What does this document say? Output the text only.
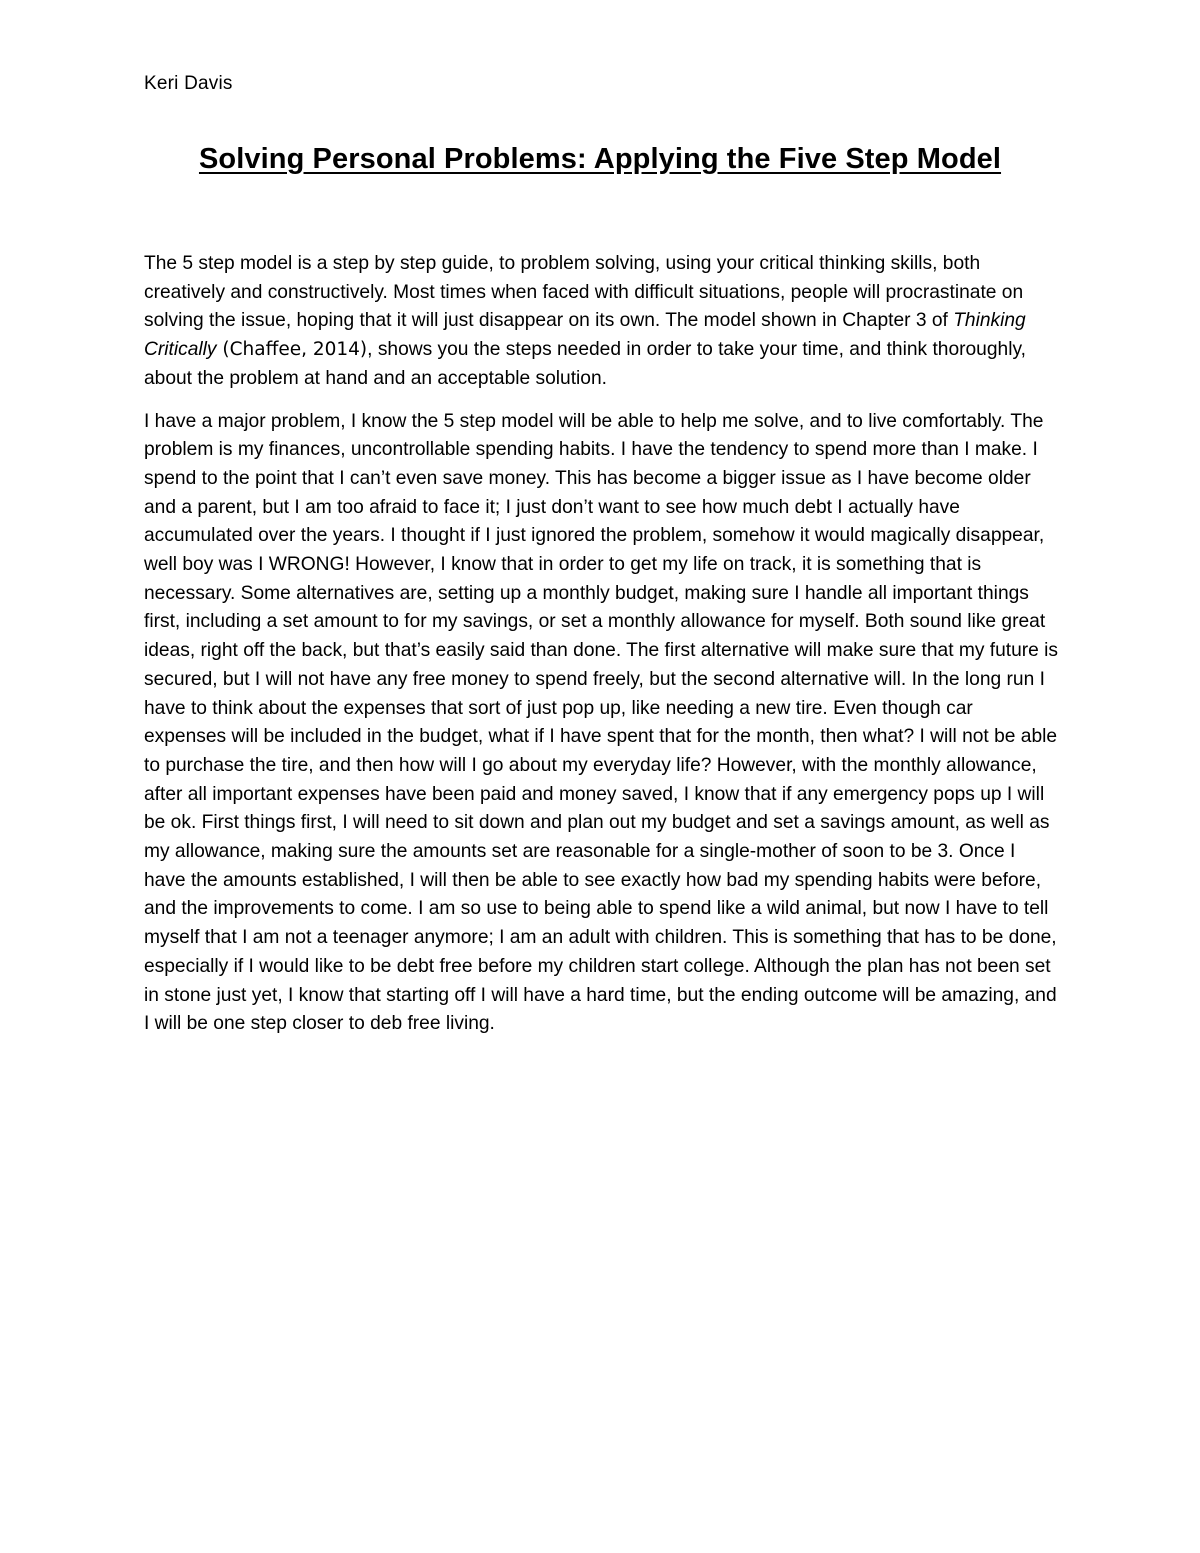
Keri Davis

Solving Personal Problems: Applying the Five Step Model

The 5 step model is a step by step guide, to problem solving, using your critical thinking skills, both creatively and constructively. Most times when faced with difficult situations, people will procrastinate on solving the issue, hoping that it will just disappear on its own. The model shown in Chapter 3 of Thinking Critically (Chaffee, 2014), shows you the steps needed in order to take your time, and think thoroughly, about the problem at hand and an acceptable solution.

I have a major problem, I know the 5 step model will be able to help me solve, and to live comfortably. The problem is my finances, uncontrollable spending habits. I have the tendency to spend more than I make. I spend to the point that I can’t even save money. This has become a bigger issue as I have become older and a parent, but I am too afraid to face it; I just don’t want to see how much debt I actually have accumulated over the years. I thought if I just ignored the problem, somehow it would magically disappear, well boy was I WRONG! However, I know that in order to get my life on track, it is something that is necessary. Some alternatives are, setting up a monthly budget, making sure I handle all important things first, including a set amount to for my savings, or set a monthly allowance for myself. Both sound like great ideas, right off the back, but that’s easily said than done. The first alternative will make sure that my future is secured, but I will not have any free money to spend freely, but the second alternative will. In the long run I have to think about the expenses that sort of just pop up, like needing a new tire. Even though car expenses will be included in the budget, what if I have spent that for the month, then what? I will not be able to purchase the tire, and then how will I go about my everyday life? However, with the monthly allowance, after all important expenses have been paid and money saved, I know that if any emergency pops up I will be ok. First things first, I will need to sit down and plan out my budget and set a savings amount, as well as my allowance, making sure the amounts set are reasonable for a single-mother of soon to be 3. Once I have the amounts established, I will then be able to see exactly how bad my spending habits were before, and the improvements to come. I am so use to being able to spend like a wild animal, but now I have to tell myself that I am not a teenager anymore; I am an adult with children. This is something that has to be done, especially if I would like to be debt free before my children start college. Although the plan has not been set in stone just yet, I know that starting off I will have a hard time, but the ending outcome will be amazing, and I will be one step closer to deb free living.
